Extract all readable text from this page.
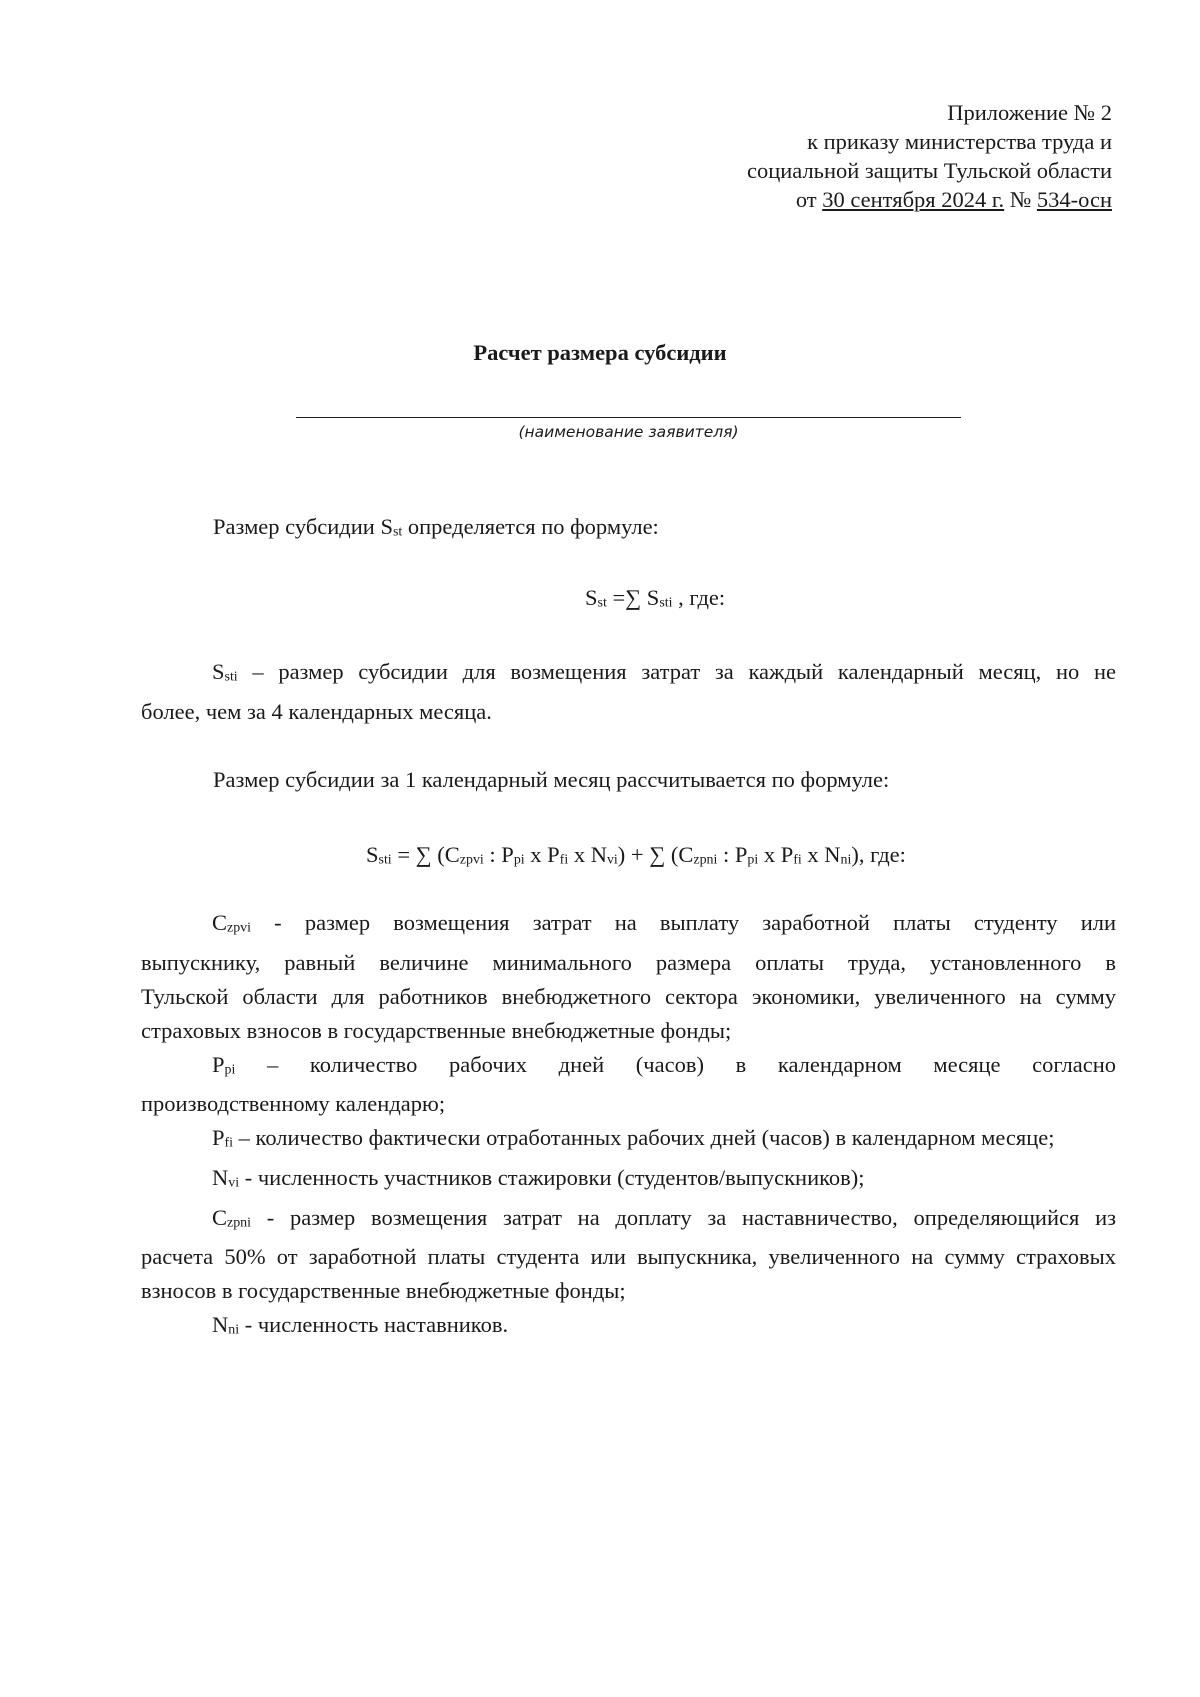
Приложение № 2
к приказу министерства труда и
социальной защиты Тульской области
от 30 сентября 2024 г. № 534-осн
Расчет размера субсидии
(наименование заявителя)
Размер субсидии Sst определяется по формуле:
Sst =∑ Ssti , где:
Ssti – размер субсидии для возмещения затрат за каждый календарный месяц, но не
более, чем за 4 календарных месяца.
Размер субсидии за 1 календарный месяц рассчитывается по формуле:
Ssti = ∑ (Czpvi : Ppi x Pfi x Nvi) + ∑ (Czpni : Ppi x Pfi x Nni), где:

Czpvi - размер возмещения затрат на выплату заработной платы студенту или

выпускнику, равный величине минимального размера оплаты труда, установленного в

Тульской области для работников внебюджетного сектора экономики, увеличенного на сумму

страховых взносов в государственные внебюджетные фонды;

Ppi – количество рабочих дней (часов) в календарном месяце согласно

производственному календарю;

Pfi – количество фактически отработанных рабочих дней (часов) в календарном месяце;

Nvi - численность участников стажировки (студентов/выпускников);

Czpni - размер возмещения затрат на доплату за наставничество, определяющийся из

расчета 50% от заработной платы студента или выпускника, увеличенного на сумму страховых

взносов в государственные внебюджетные фонды;

Nni - численность наставников.
